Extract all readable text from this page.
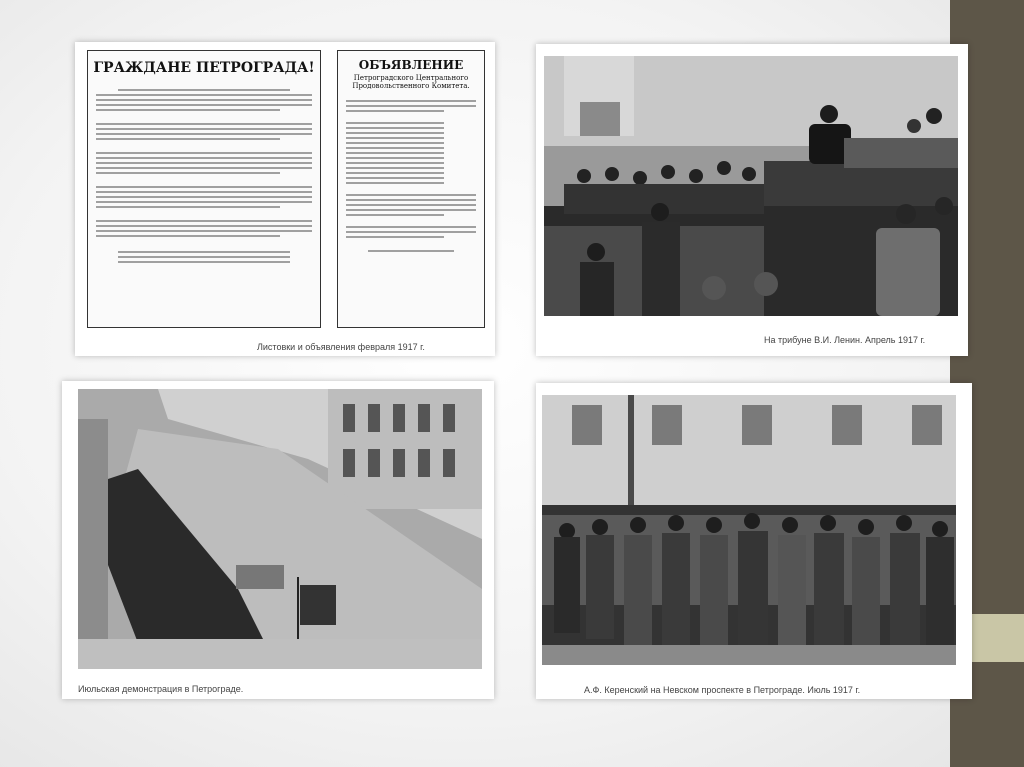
ГРАЖДАНЕ ПЕТРОГРАДА!	ОБЪЯВЛЕНИЕ
Петроградского Центрального Продовольственного Комитета.
Листовки и объявления февраля 1917 г.
На трибуне В.И. Ленин. Апрель 1917 г.
Июльская демонстрация в Петрограде.	А.Ф. Керенский на Невском проспекте в Петрограде. Июль 1917 г.
